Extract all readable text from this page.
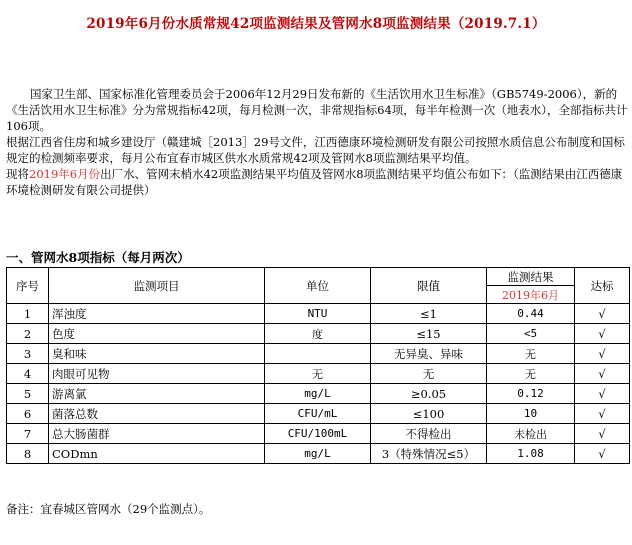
2019年6月份水质常规42项监测结果及管网水8项监测结果（2019.7.1）

国家卫生部、国家标准化管理委员会于2006年12月29日发布新的《生活饮用水卫生标准》（GB5749-2006），新的《生活饮用水卫生标准》分为常规指标42项，每月检测一次，非常规指标64项，每半年检测一次（地表水），全部指标共计106项。

根据江西省住房和城乡建设厅（赣建城［2013］29号文件，江西德康环境检测研发有限公司按照水质信息公布制度和国标规定的检测频率要求，每月公布宜春市城区供水水质常规42项及管网水8项监测结果平均值。

现将2019年6月份出厂水、管网末梢水42项监测结果平均值及管网水8项监测结果平均值公布如下：（监测结果由江西德康环境检测研发有限公司提供）

一、管网水8项指标（每月两次）
序号	监测项目	单位	限值	监测结果	达标
				2019年6月	
1	浑浊度	NTU	≤1	0.44	√
2	色度	度	≤15	<5	√
3	臭和味		无异臭、异味	无	√
4	肉眼可见物	无	无	无	√
5	游离氯	mg/L	≥0.05	0.12	√
6	菌落总数	CFU/mL	≤100	10	√
7	总大肠菌群	CFU/100mL	不得检出	未检出	√
8	CODmn	mg/L	3（特殊情况≤5）	1.08	√
备注：宜春城区管网水（29个监测点）。
